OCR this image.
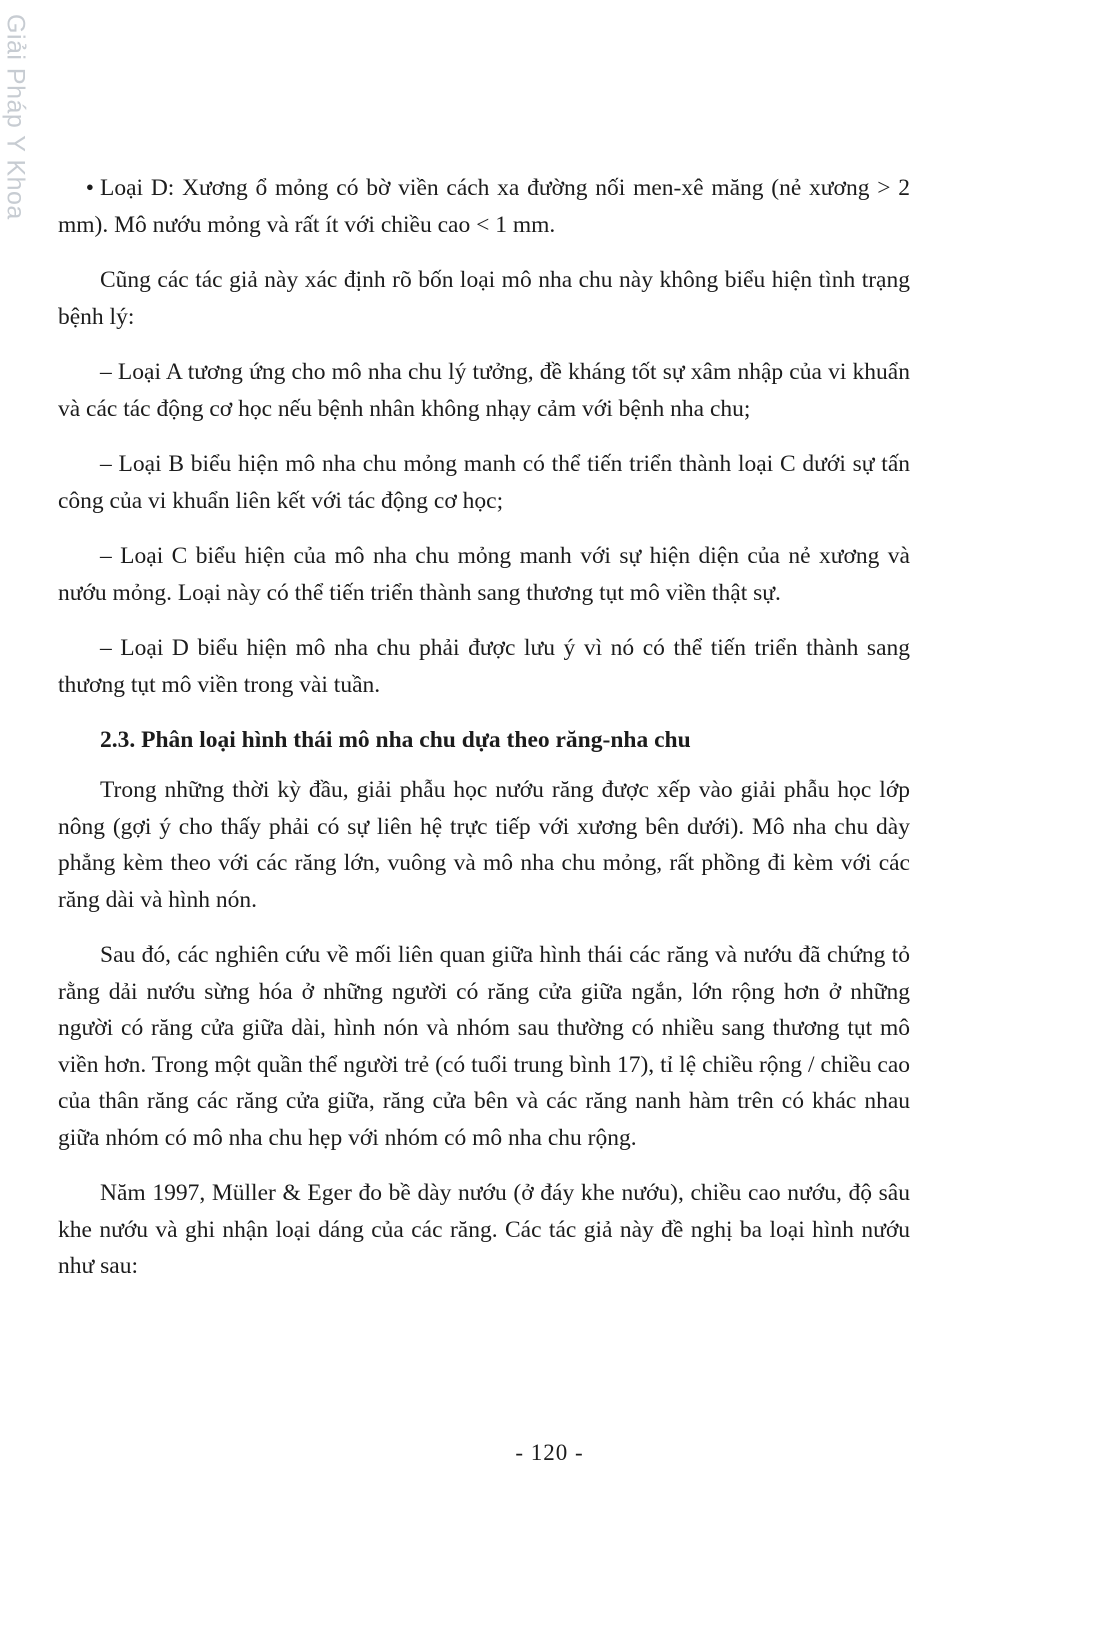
Giải Pháp Y Khoa	• Loại D: Xương ổ mỏng có bờ viền cách xa đường nối men-xê măng (nẻ xương > 2 mm). Mô nướu mỏng và rất ít với chiều cao < 1 mm.

Cũng các tác giả này xác định rõ bốn loại mô nha chu này không biểu hiện tình trạng bệnh lý:

– Loại A tương ứng cho mô nha chu lý tưởng, đề kháng tốt sự xâm nhập của vi khuẩn và các tác động cơ học nếu bệnh nhân không nhạy cảm với bệnh nha chu;

– Loại B biểu hiện mô nha chu mỏng manh có thể tiến triển thành loại C dưới sự tấn công của vi khuẩn liên kết với tác động cơ học;

– Loại C biểu hiện của mô nha chu mỏng manh với sự hiện diện của nẻ xương và nướu mỏng. Loại này có thể tiến triển thành sang thương tụt mô viền thật sự.

– Loại D biểu hiện mô nha chu phải được lưu ý vì nó có thể tiến triển thành sang thương tụt mô viền trong vài tuần.

2.3. Phân loại hình thái mô nha chu dựa theo răng-nha chu

Trong những thời kỳ đầu, giải phẫu học nướu răng được xếp vào giải phẫu học lớp nông (gợi ý cho thấy phải có sự liên hệ trực tiếp với xương bên dưới). Mô nha chu dày phẳng kèm theo với các răng lớn, vuông và mô nha chu mỏng, rất phồng đi kèm với các răng dài và hình nón.

Sau đó, các nghiên cứu về mối liên quan giữa hình thái các răng và nướu đã chứng tỏ rằng dải nướu sừng hóa ở những người có răng cửa giữa ngắn, lớn rộng hơn ở những người có răng cửa giữa dài, hình nón và nhóm sau thường có nhiều sang thương tụt mô viền hơn. Trong một quần thể người trẻ (có tuổi trung bình 17), tỉ lệ chiều rộng / chiều cao của thân răng các răng cửa giữa, răng cửa bên và các răng nanh hàm trên có khác nhau giữa nhóm có mô nha chu hẹp với nhóm có mô nha chu rộng.

Năm 1997, Müller & Eger đo bề dày nướu (ở đáy khe nướu), chiều cao nướu, độ sâu khe nướu và ghi nhận loại dáng của các răng. Các tác giả này đề nghị ba loại hình nướu như sau:

- 120 -
